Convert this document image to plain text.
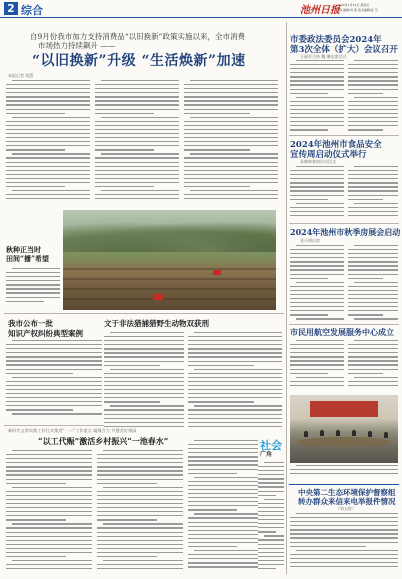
2 综合	池州日报
2024年1月12日 星期五
责任编辑/刘 燕 美术编辑/沈 芳
自9月份我市加力支持消费品“以旧换新”政策实施以来，全市消费
市场热力持续飙升 ——
“以旧换新”升级 “生活焕新”加速
本报记者 钱慧
秋种正当时
田间“播”希望
我市公布一批
知识产权纠纷典型案例
文于非法猎捕猎野生动物双获刑
新时代文明实践工作扎实推进“一二”工作重点 凝聚合力 共建美好家园
“以工代赈”激活乡村振兴“一池春水”	社会
广角
市委政法委员会2024年
第3次全体（扩大）会议召开
王丽芳主持 魏 琳出席会议
2024年池州市食品安全
宣传周启动仪式举行
朱晓林参加启动仪式
2024年池州市秋季房展会启动
张小明出席
市民用航空发展服务中心成立
中央第二生态环境保护督察组
转办群众来信来电举报件情况
（第五批）
